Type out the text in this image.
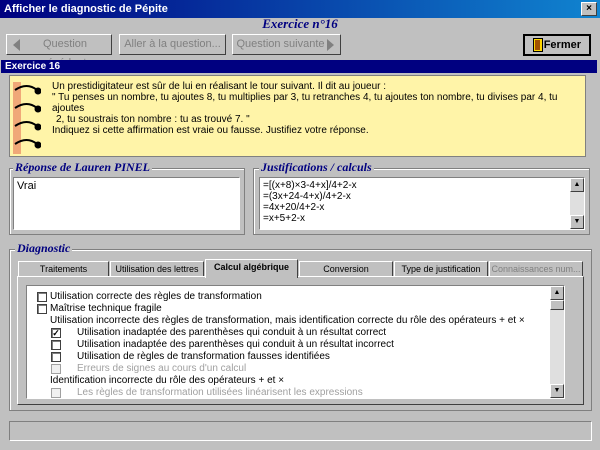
Afficher le diagnostic de Pépite	×
Exercice n°16
Question	Aller à la question...	Question suivante	Fermer
Exercice 16
Un prestidigitateur est sûr de lui en réalisant le tour suivant. Il dit au joueur :
" Tu penses un nombre, tu ajoutes 8, tu multiplies par 3, tu retranches 4, tu ajoutes ton nombre, tu divises par 4, tu ajoutes
2, tu soustrais ton nombre : tu as trouvé 7. "
Indiquez si cette affirmation est vraie ou fausse. Justifiez votre réponse.
Réponse de Lauren PINEL
Vrai
Justifications / calculs
=[(x+8)×3-4+x]/4+2-x
=(3x+24-4+x)/4+2-x
=4x+20/4+2-x
=x+5+2-x
▲
▼
Diagnostic
Traitements	Utilisation des lettres	Calcul algébrique	Conversion	Type de justification	Connaissances num...
Utilisation correcte des règles de transformation
Maîtrise technique fragile
Utilisation incorrecte des règles de transformation, mais identification correcte du rôle des opérateurs + et ×
✓ Utilisation inadaptée des parenthèses qui conduit à un résultat correct
Utilisation inadaptée des parenthèses qui conduit à un résultat incorrect
Utilisation de règles de transformation fausses identifiées
Erreurs de signes au cours d'un calcul
Identification incorrecte du rôle des opérateurs + et ×
Les règles de transformation utilisées linéarisent les expressions
▲
▼
